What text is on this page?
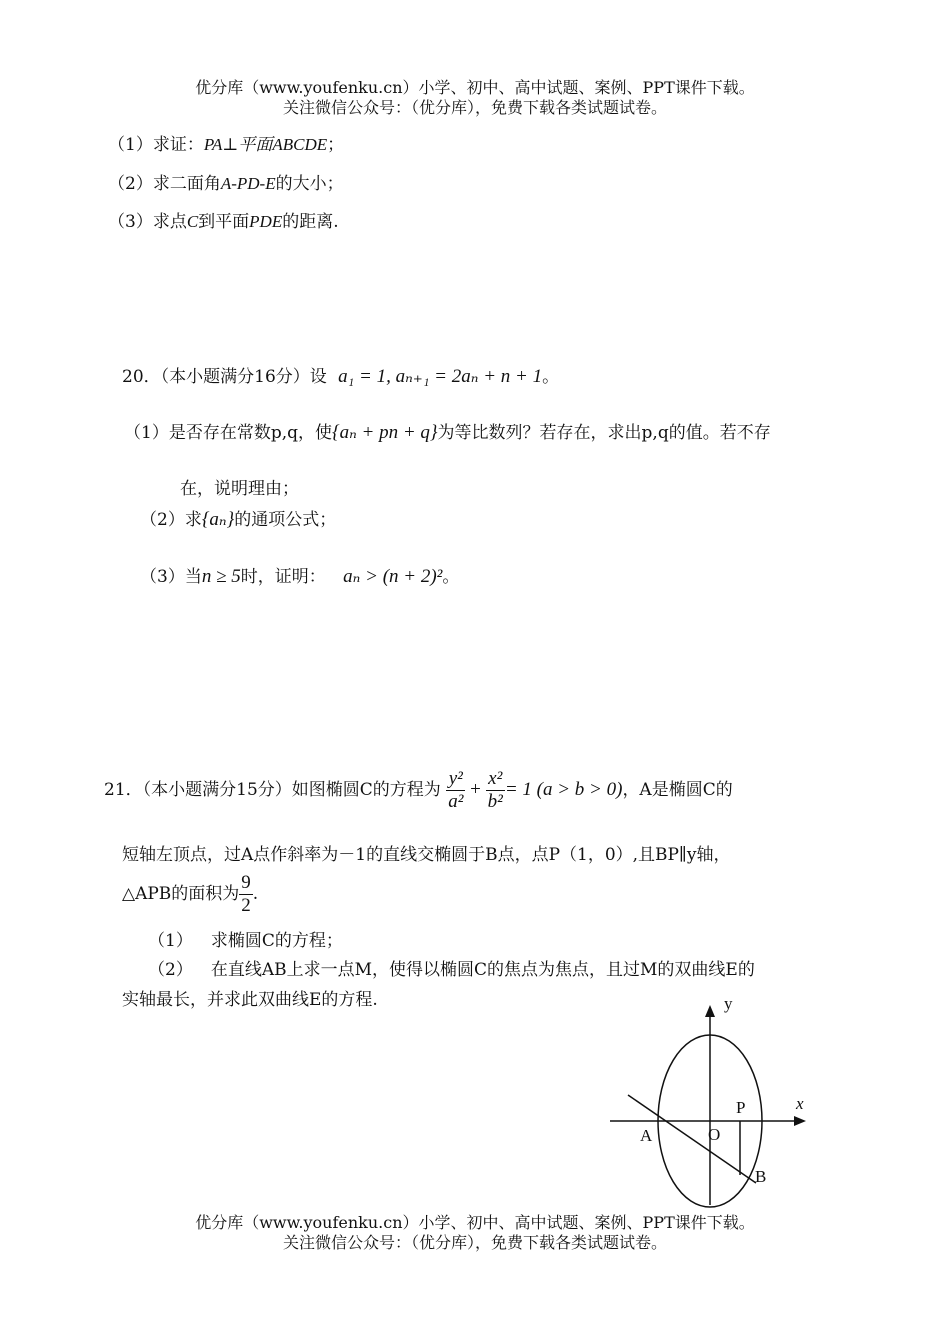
优分库（www.youfenku.cn）小学、初中、高中试题、案例、PPT课件下载。
关注微信公众号：（优分库），免费下载各类试题试卷。
（1）求证：PA⊥平面ABCDE；
（2）求二面角A-PD-E的大小；
（3）求点C到平面PDE的距离.
20．（本小题满分16分）设 a₁ = 1, aₙ₊₁ = 2aₙ + n + 1。
（1）是否存在常数p,q，使{aₙ + pn + q}为等比数列？若存在，求出p,q的值。若不存
在，说明理由；
（2）求{aₙ}的通项公式；
（3）当n ≥ 5时，证明： aₙ > (n + 2)²。
21．（本小题满分15分）如图椭圆C的方程为 $\frac{\text{y²}}{\text{a²}} + \frac{\text{x²}}{\text{b²}} = 1$ (a > b > 0)，A是椭圆C的
短轴左顶点，过A点作斜率为－1的直线交椭圆于B点，点P（1，0）,且BP∥y轴，
△APB的面积为 $\frac{9}{2}$ .
（1） 求椭圆C的方程；
（2） 在直线AB上求一点M，使得以椭圆C的焦点为焦点，且过M的双曲线E的
实轴最长，并求此双曲线E的方程.	y
x
P
A	O
B
优分库（www.youfenku.cn）小学、初中、高中试题、案例、PPT课件下载。
关注微信公众号：（优分库），免费下载各类试题试卷。
